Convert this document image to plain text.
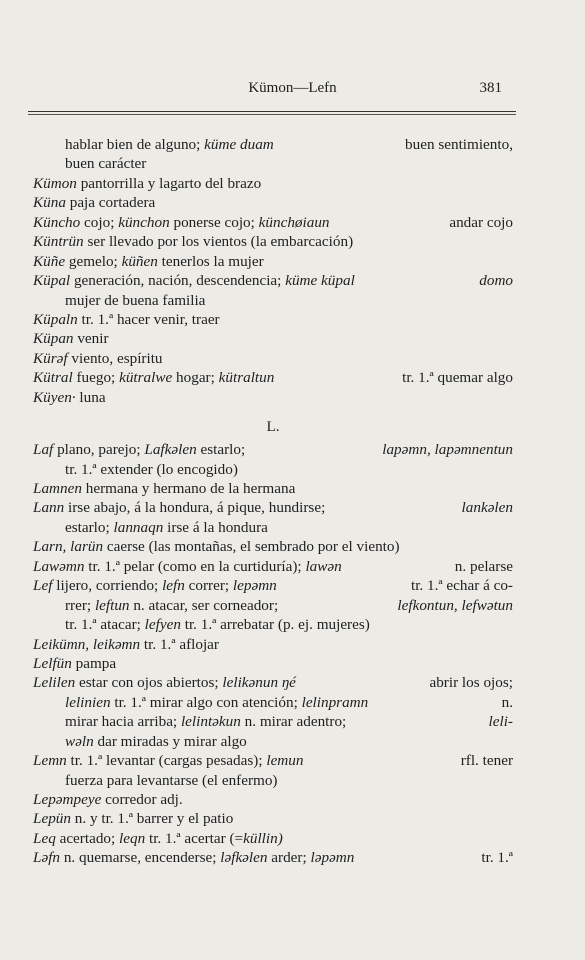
Kümon—Lefn	381
hablar bien de alguno; küme duam	buen sentimiento,
buen carácter
Kümon pantorrilla y lagarto del brazo
Küna paja cortadera
Küncho cojo; künchon ponerse cojo; künchøiaun	andar cojo
Küntrün ser llevado por los vientos (la embarcación)
Küñe gemelo; küñen tenerlos la mujer
Küpal generación, nación, descendencia; küme küpal	domo
mujer de buena familia
Küpaln tr. 1.ª hacer venir, traer
Küpan venir
Kürəf viento, espíritu
Kütral fuego; kütralwe hogar; kütraltun	tr. 1.ª quemar algo
Küyen· luna
L.
Laf plano, parejo; Lafkəlen estarlo;	lapəmn, lapəmnentun
tr. 1.ª extender (lo encogido)
Lamnen hermana y hermano de la hermana
Lann irse abajo, á la hondura, á pique, hundirse;	lankəlen
estarlo; lannaqn irse á la hondura
Larn, larün caerse (las montañas, el sembrado por el viento)
Lawəmn tr. 1.ª pelar (como en la curtiduría); lawən	n. pelarse
Lef lijero, corriendo; lefn correr; lepəmn	tr. 1.ª echar á co-
rrer; leftun n. atacar, ser corneador;	lefkontun, lefwətun
tr. 1.ª atacar; lefyen tr. 1.ª arrebatar (p. ej. mujeres)
Leikümn, leikəmn tr. 1.ª aflojar
Lelfün pampa
Lelilen estar con ojos abiertos; lelikənun ŋé	abrir los ojos;
lelinien tr. 1.ª mirar algo con atención; lelinpramn	n.
mirar hacia arriba; lelintəkun n. mirar adentro;	leli-
wəln dar miradas y mirar algo
Lemn tr. 1.ª levantar (cargas pesadas); lemun	rfl. tener
fuerza para levantarse (el enfermo)
Lepəmpeye corredor adj.
Lepün n. y tr. 1.ª barrer y el patio
Leq acertado; leqn tr. 1.ª acertar (=küllin)
Ləfn n. quemarse, encenderse; ləfkəlen arder; ləpəmn	tr. 1.ª
